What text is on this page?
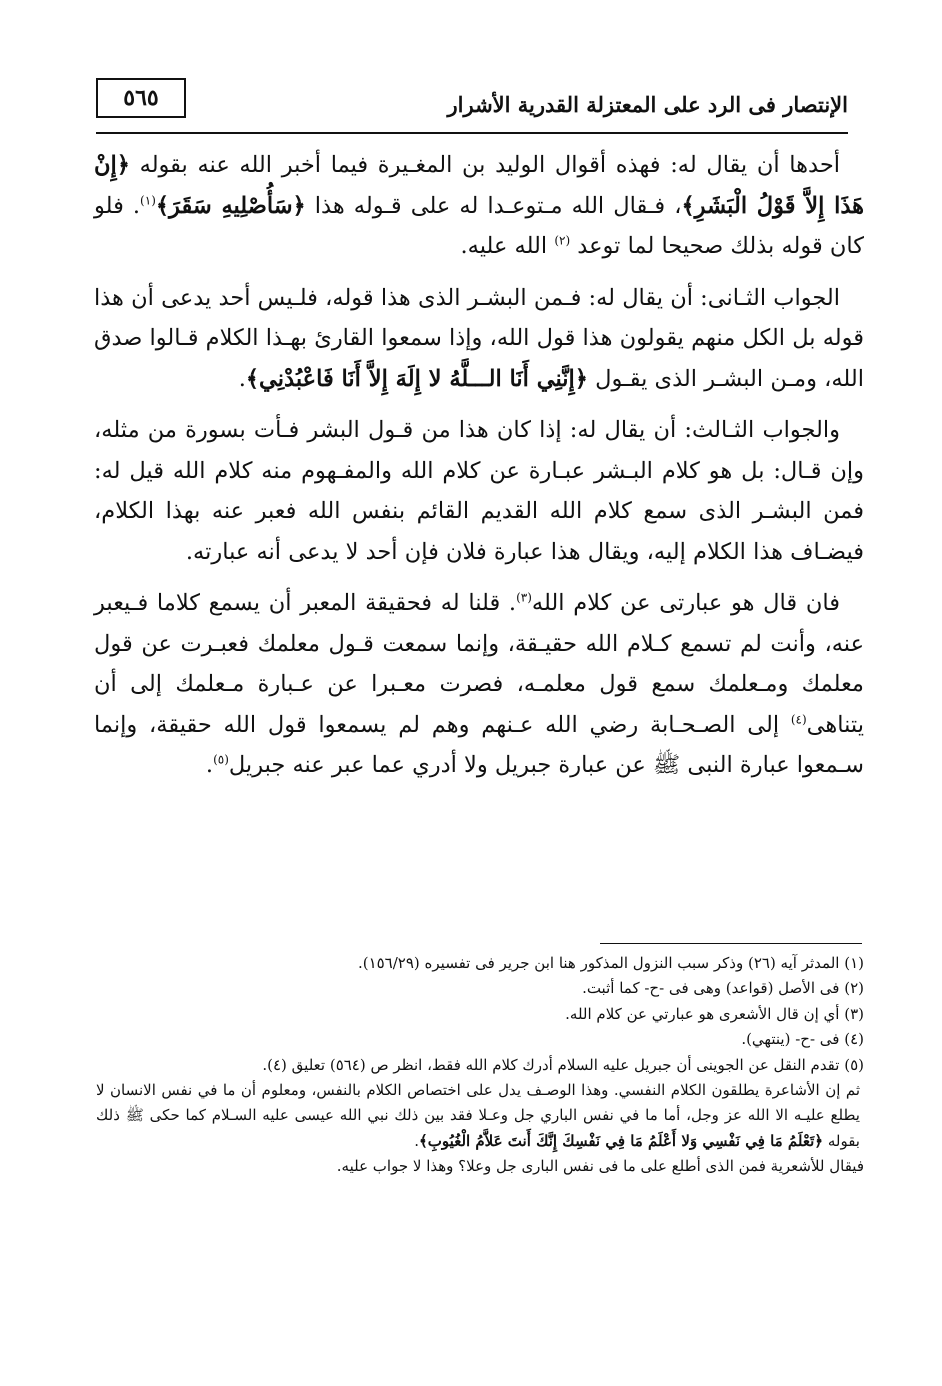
الإنتصار فى الرد على المعتزلة القدرية الأشرار
٥٦٥

أحدها أن يقال له: فهذه أقوال الوليد بن المغـيرة فيما أخبر الله عنه بقوله ﴿إِنْ هَذَا إِلاَّ قَوْلُ الْبَشَرِ﴾، فـقال الله مـتوعـدا له على قـوله هذا ﴿سَأُصْلِيهِ سَقَرَ﴾$^{(١)}$. فلو كان قوله بذلك صحيحا لما توعد $^{(٢)}$ الله عليه.

الجواب الثـانى: أن يقال له: فـمن البشـر الذى هذا قوله، فلـيس أحد يدعى أن هذا قوله بل الكل منهم يقولون هذا قول الله، وإذا سمعوا القارئ بهـذا الكلام قـالوا صدق الله، ومـن البشـر الذى يقـول ﴿إِنَّنِي أَنَا الـــلَّهُ لا إِلَهَ إِلاَّ أَنَا فَاعْبُدْنِي﴾.

والجواب الثـالث: أن يقال له: إذا كان هذا من قـول البشر فـأت بسورة من مثله، وإن قـال: بل هو كلام البـشر عبـارة عن كلام الله والمفـهوم منه كلام الله قيل له: فمن البشـر الذى سمع كلام الله القديم القائم بنفس الله فعبر عنه بهذا الكلام، فيضـاف هذا الكلام إليه، ويقال هذا عبارة فلان فإن أحد لا يدعى أنه عبارته.

فان قال هو عبارتى عن كلام الله$^{(٣)}$. قلنا له فحقيقة المعبر أن يسمع كلاما فـيعبر عنه، وأنت لم تسمع كـلام الله حقيـقة، وإنما سمعت قـول معلمك فعبـرت عن قول معلمك ومـعلمك سمع قول معلمـه، فصرت معـبرا عن عـبارة مـعلمك إلى أن يتناهى$^{(٤)}$ إلى الصـحـابة رضي الله عـنهم وهم لم يسمعوا قول الله حقيقة، وإنما سـمعوا عبارة النبى ﷺ عن عبارة جبريل ولا أدري عما عبر عنه جبريل$^{(٥)}$.

(١) المدثر آيه (٢٦) وذكر سبب النزول المذكور هنا ابن جرير فى تفسيره (١٥٦/٢٩).

(٢) فى الأصل (قواعد) وهى فى -ح- كما أثبت.

(٣) أي إن قال الأشعرى هو عبارتي عن كلام الله.

(٤) فى -ح- (ينتهي).

(٥) تقدم النقل عن الجوينى أن جبريل عليه السلام أدرك كلام الله فقط، انظر ص (٥٦٤) تعليق (٤).

ثم إن الأشاعرة يطلقون الكلام النفسي. وهذا الوصـف يدل على اختصاص الكلام بالنفس، ومعلوم أن ما في نفس الانسان لا يطلع عليـه الا الله عز وجل، أما ما في نفس الباري جل وعـلا فقد بين ذلك نبي الله عيسى عليه السـلام كما حكى ﷺ ذلك بقوله ﴿تَعْلَمُ مَا فِي نَفْسِي وَلا أَعْلَمُ مَا فِي نَفْسِكَ إِنَّكَ أَنتَ عَلاَّمُ الْغُيُوبِ﴾.

فيقال للأشعرية فمن الذى أطلع على ما فى نفس البارى جل وعلا؟ وهذا لا جواب عليه.
